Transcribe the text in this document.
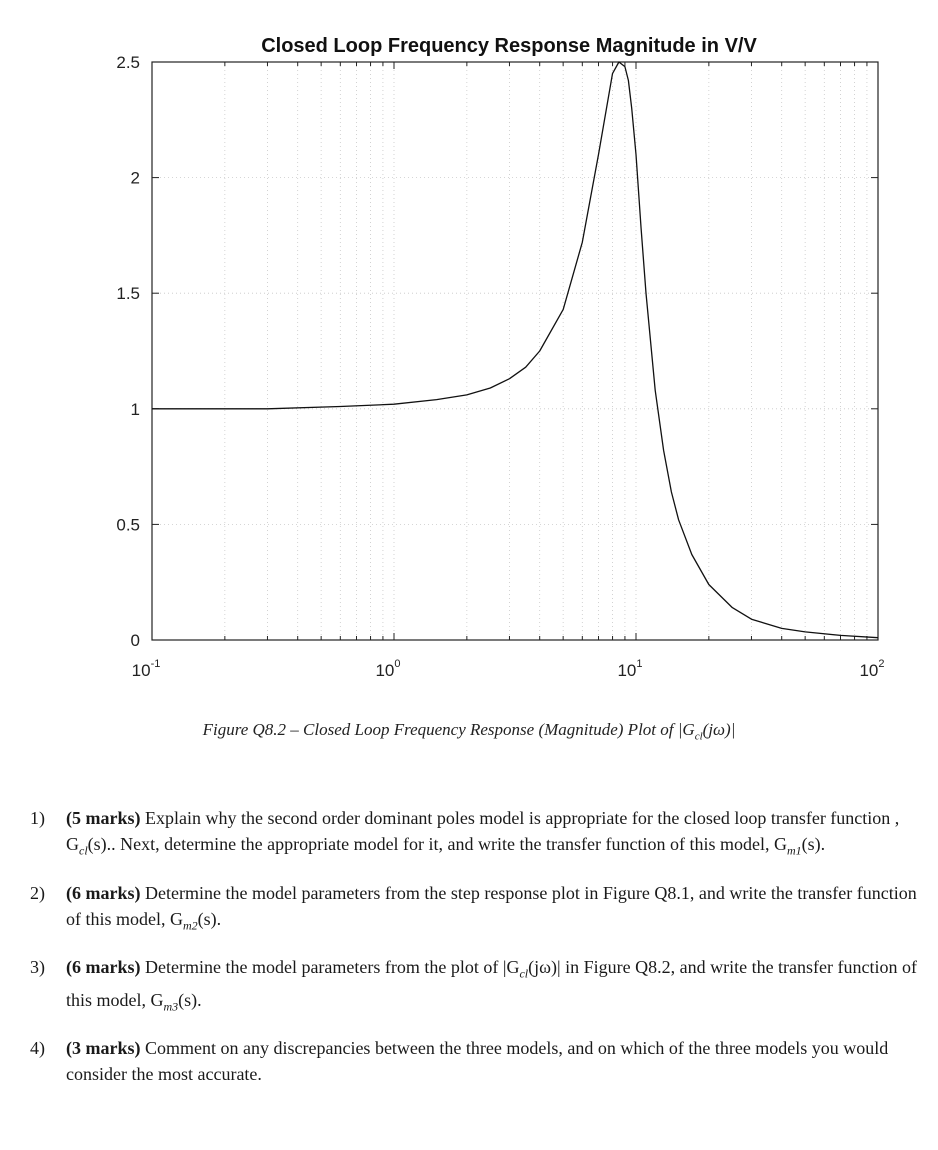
Closed Loop Frequency Response Magnitude in V/V
0
0.5
1
1.5
2
2.5
$10^{-1}$	$10^0$	$10^1$	$10^2$
Figure Q8.2 – Closed Loop Frequency Response (Magnitude) Plot of $|G_{cl}(j\omega)|$
1) (5 marks) Explain why the second order dominant poles model is appropriate for the closed loop transfer function , $G_{cl}(s)$.. Next, determine the appropriate model for it, and write the transfer function of this model, $G_{m1}(s)$.
2) (6 marks) Determine the model parameters from the step response plot in Figure Q8.1, and write the transfer function of this model, $G_{m2}(s)$.
3) (6 marks) Determine the model parameters from the plot of $|G_{cl}(j\omega)|$ in Figure Q8.2, and write the transfer function of this model, $G_{m3}(s)$.
4) (3 marks) Comment on any discrepancies between the three models, and on which of the three models you would consider the most accurate.
